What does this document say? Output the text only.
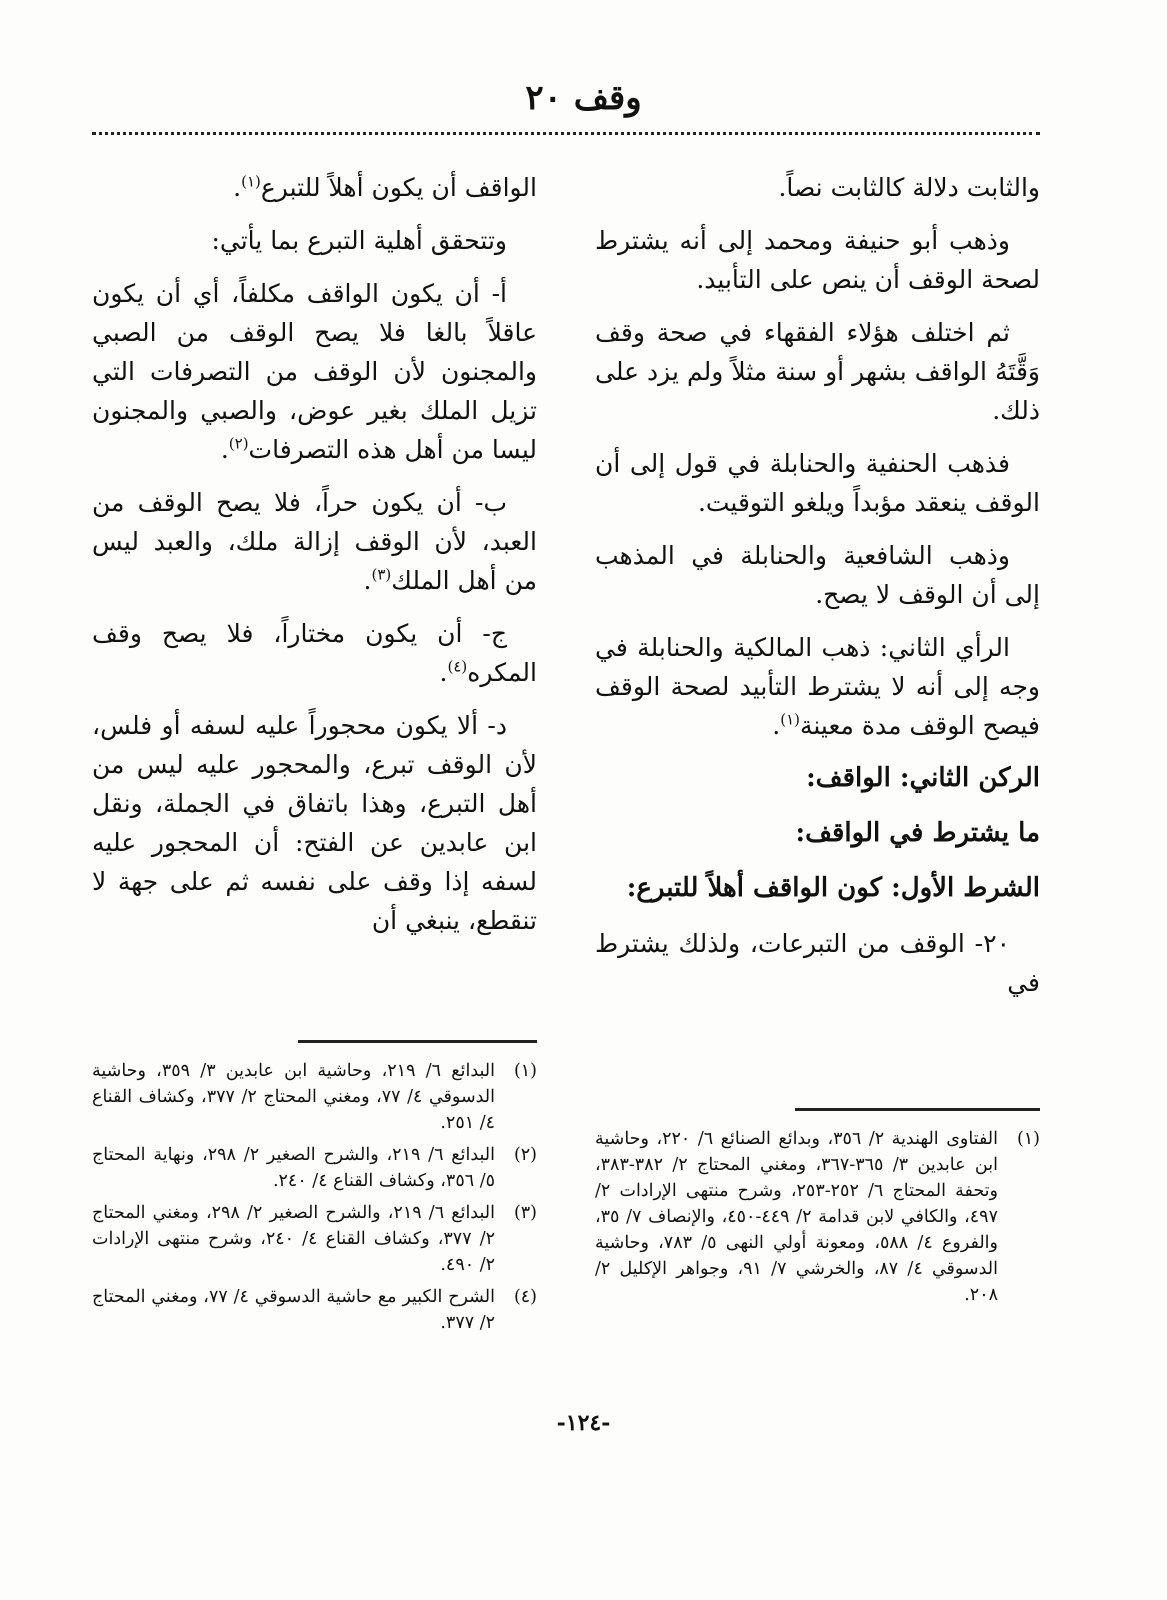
وقف ٢٠

والثابت دلالة كالثابت نصاً.

وذهب أبو حنيفة ومحمد إلى أنه يشترط لصحة الوقف أن ينص على التأبيد.

ثم اختلف هؤلاء الفقهاء في صحة وقف وَقَّتَهُ الواقف بشهر أو سنة مثلاً ولم يزد على ذلك.

فذهب الحنفية والحنابلة في قول إلى أن الوقف ينعقد مؤبداً ويلغو التوقيت.

وذهب الشافعية والحنابلة في المذهب إلى أن الوقف لا يصح.

الرأي الثاني: ذهب المالكية والحنابلة في وجه إلى أنه لا يشترط التأبيد لصحة الوقف فيصح الوقف مدة معينة$^{(١)}$.

الركن الثاني: الواقف:

ما يشترط في الواقف:

الشرط الأول: كون الواقف أهلاً للتبرع:

٢٠- الوقف من التبرعات، ولذلك يشترط في

الواقف أن يكون أهلاً للتبرع$^{(١)}$.

وتتحقق أهلية التبرع بما يأتي:

أ- أن يكون الواقف مكلفاً، أي أن يكون عاقلاً بالغا فلا يصح الوقف من الصبي والمجنون لأن الوقف من التصرفات التي تزيل الملك بغير عوض، والصبي والمجنون ليسا من أهل هذه التصرفات$^{(٢)}$.

ب- أن يكون حراً، فلا يصح الوقف من العبد، لأن الوقف إزالة ملك، والعبد ليس من أهل الملك$^{(٣)}$.

ج- أن يكون مختاراً، فلا يصح وقف المكره$^{(٤)}$.

د- ألا يكون محجوراً عليه لسفه أو فلس، لأن الوقف تبرع، والمحجور عليه ليس من أهل التبرع، وهذا باتفاق في الجملة، ونقل ابن عابدين عن الفتح: أن المحجور عليه لسفه إذا وقف على نفسه ثم على جهة لا تنقطع، ينبغي أن

(١)
البدائع ٦/ ٢١٩، وحاشية ابن عابدين ٣/ ٣٥٩، وحاشية الدسوقي ٤/ ٧٧، ومغني المحتاج ٢/ ٣٧٧، وكشاف القناع ٤/ ٢٥١.
(٢)
البدائع ٦/ ٢١٩، والشرح الصغير ٢/ ٢٩٨، ونهاية المحتاج ٥/ ٣٥٦، وكشاف القناع ٤/ ٢٤٠.
(٣)
البدائع ٦/ ٢١٩، والشرح الصغير ٢/ ٢٩٨، ومغني المحتاج ٢/ ٣٧٧، وكشاف القناع ٤/ ٢٤٠، وشرح منتهى الإرادات ٢/ ٤٩٠.
(٤)
الشرح الكبير مع حاشية الدسوقي ٤/ ٧٧، ومغني المحتاج ٢/ ٣٧٧.
(١)
الفتاوى الهندية ٢/ ٣٥٦، وبدائع الصنائع ٦/ ٢٢٠، وحاشية ابن عابدين ٣/ ٣٦٥-٣٦٧، ومغني المحتاج ٢/ ٣٨٢-٣٨٣، وتحفة المحتاج ٦/ ٢٥٢-٢٥٣، وشرح منتهى الإرادات ٢/ ٤٩٧، والكافي لابن قدامة ٢/ ٤٤٩-٤٥٠، والإنصاف ٧/ ٣٥، والفروع ٤/ ٥٨٨، ومعونة أولي النهى ٥/ ٧٨٣، وحاشية الدسوقي ٤/ ٨٧، والخرشي ٧/ ٩١، وجواهر الإكليل ٢/ ٢٠٨.
-١٢٤-
